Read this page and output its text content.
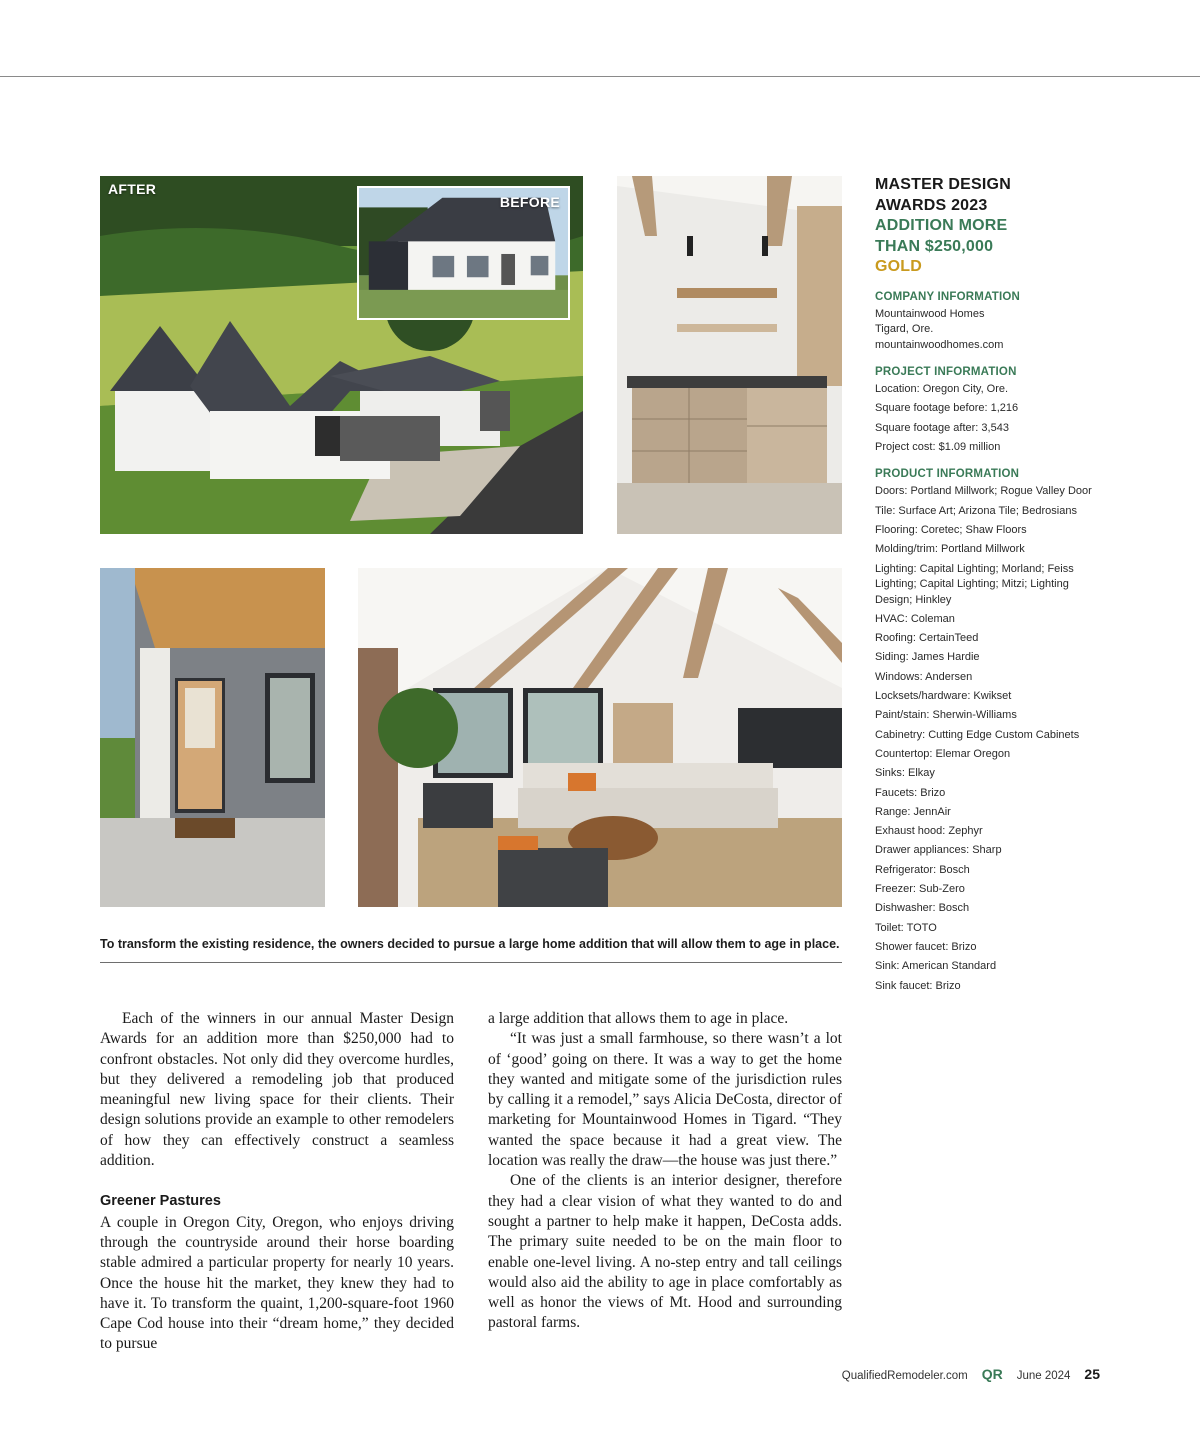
AFTER
BEFORE
To transform the existing residence, the owners decided to pursue a large home addition that will allow them to age in place.
MASTER DESIGN
AWARDS 2023
ADDITION MORE
THAN $250,000
GOLD
COMPANY INFORMATION
Mountainwood Homes
Tigard, Ore.
mountainwoodhomes.com
PROJECT INFORMATION
Location: Oregon City, Ore.
Square footage before: 1,216
Square footage after: 3,543
Project cost: $1.09 million
PRODUCT INFORMATION
Doors: Portland Millwork; Rogue Valley Door
Tile: Surface Art; Arizona Tile; Bedrosians
Flooring: Coretec; Shaw Floors
Molding/trim: Portland Millwork
Lighting: Capital Lighting; Morland; Feiss Lighting; Capital Lighting; Mitzi; Lighting Design; Hinkley
HVAC: Coleman
Roofing: CertainTeed
Siding: James Hardie
Windows: Andersen
Locksets/hardware: Kwikset
Paint/stain: Sherwin-Williams
Cabinetry: Cutting Edge Custom Cabinets
Countertop: Elemar Oregon
Sinks: Elkay
Faucets: Brizo
Range: JennAir
Exhaust hood: Zephyr
Drawer appliances: Sharp
Refrigerator: Bosch
Freezer: Sub-Zero
Dishwasher: Bosch
Toilet: TOTO
Shower faucet: Brizo
Sink: American Standard
Sink faucet: Brizo

Each of the winners in our annual Master Design Awards for an addition more than $250,000 had to confront obstacles. Not only did they overcome hurdles, but they delivered a remodeling job that produced meaningful new living space for their clients. Their design solutions provide an example to other remodelers of how they can effectively construct a seamless addition.

Greener Pastures

A couple in Oregon City, Oregon, who enjoys driving through the countryside around their horse boarding stable admired a particular property for nearly 10 years. Once the house hit the market, they knew they had to have it. To transform the quaint, 1,200-square-foot 1960 Cape Cod house into their “dream home,” they decided to pursue

a large addition that allows them to age in place.

“It was just a small farmhouse, so there wasn’t a lot of ‘good’ going on there. It was a way to get the home they wanted and mitigate some of the jurisdiction rules by calling it a remodel,” says Alicia DeCosta, director of marketing for Mountainwood Homes in Tigard. “They wanted the space because it had a great view. The location was really the draw—the house was just there.”

One of the clients is an interior designer, therefore they had a clear vision of what they wanted to do and sought a partner to help make it happen, DeCosta adds. The primary suite needed to be on the main floor to enable one-level living. A no-step entry and tall ceilings would also aid the ability to age in place comfortably as well as honor the views of Mt. Hood and surrounding pastoral farms.

QualifiedRemodeler.com QR June 2024 25
